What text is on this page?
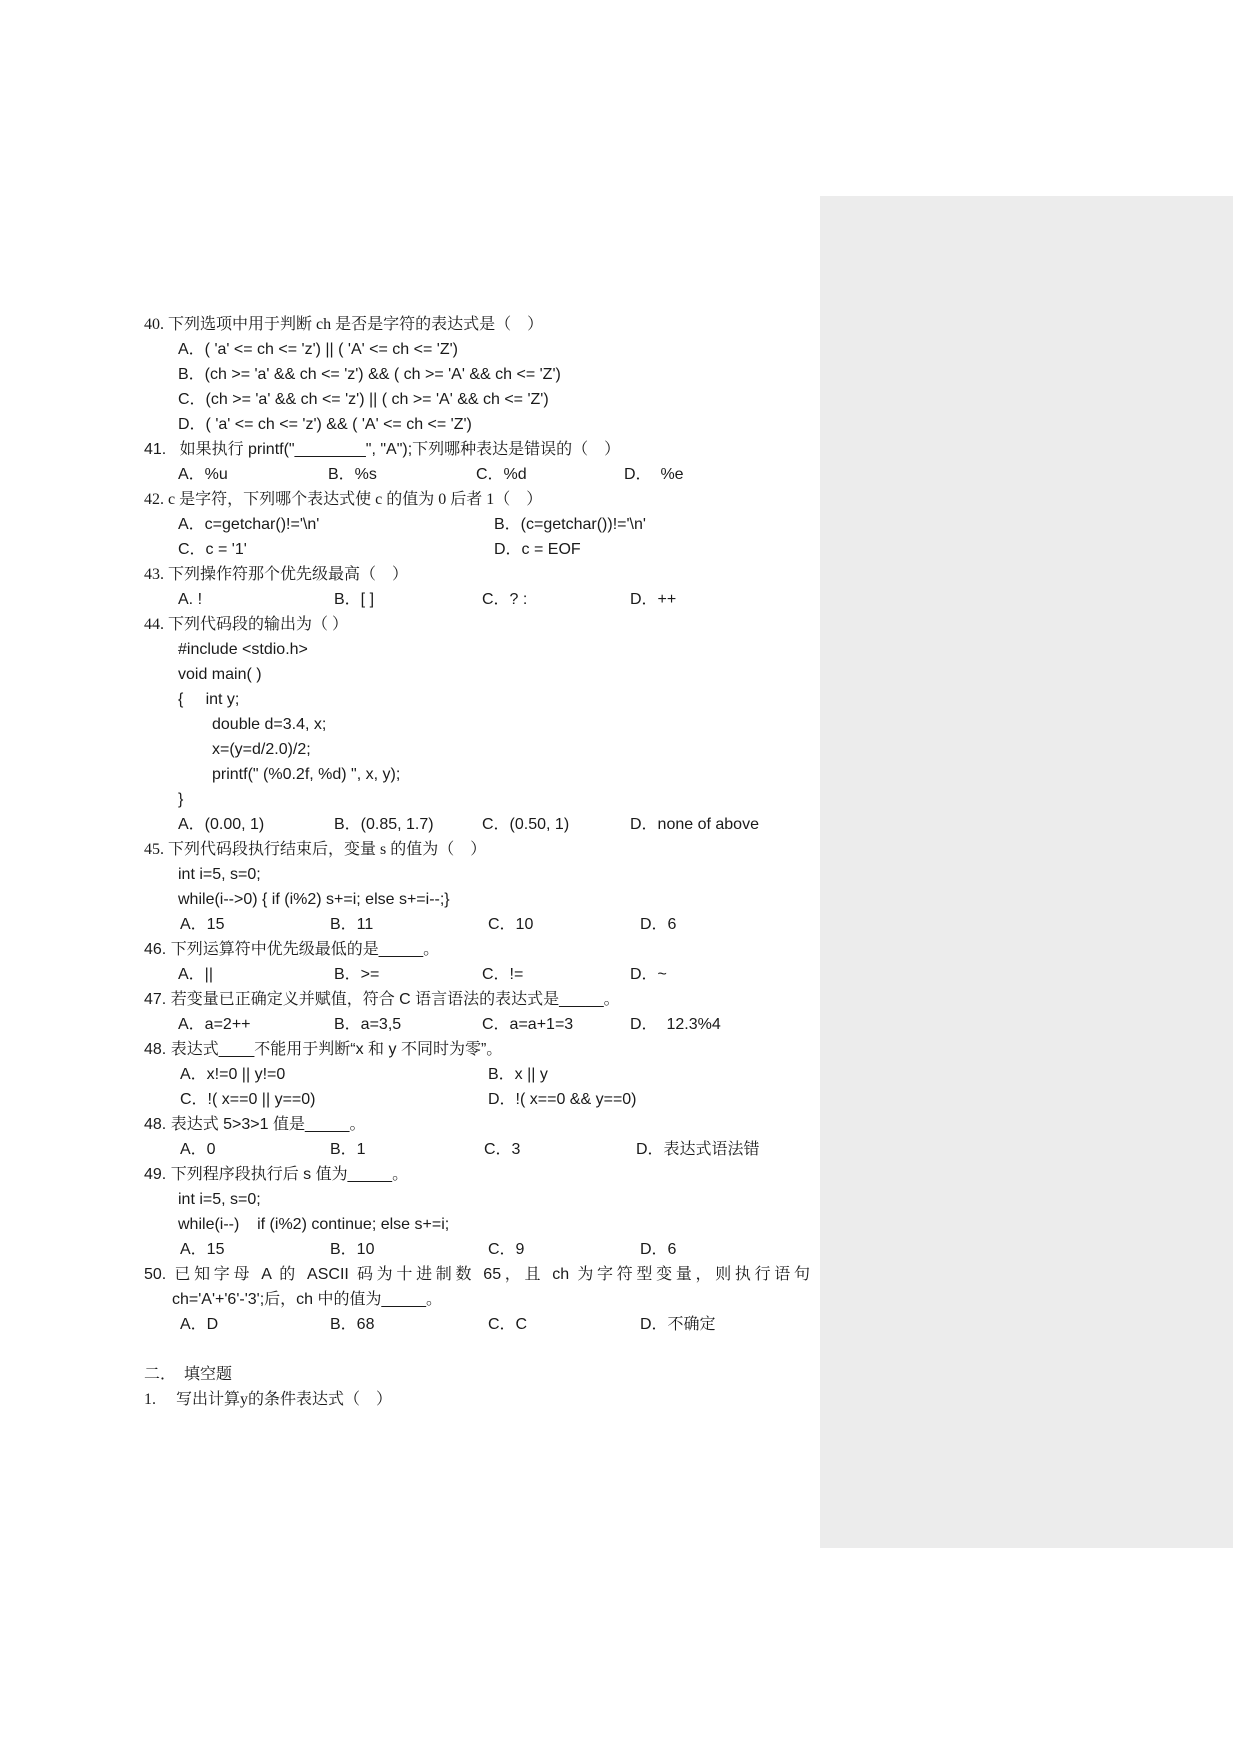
40. 下列选项中用于判断 ch 是否是字符的表达式是（　）
A．( 'a' <= ch <= 'z') || ( 'A' <= ch <= 'Z')
B．(ch >= 'a' && ch <= 'z') && ( ch >= 'A' && ch <= 'Z')
C．(ch >= 'a' && ch <= 'z') || ( ch >= 'A' && ch <= 'Z')
D．( 'a' <= ch <= 'z') && ( 'A' <= ch <= 'Z')
41.   如果执行 printf("________", "A");下列哪种表达是错误的（　）
A．%u	B．%s	C．%d	D．  %e
42. c 是字符，下列哪个表达式使 c 的值为 0 后者 1（　）
A．c=getchar()!='\n'	B．(c=getchar())!='\n'
C．c = '1'	D．c = EOF
43. 下列操作符那个优先级最高（　）
A. !	B．[ ]	C．? :	D．++
44. 下列代码段的输出为（ ）
#include <stdio.h>
void main( )
{     int y;
double d=3.4, x;
x=(y=d/2.0)/2;
printf(" (%0.2f, %d) ", x, y);
}
A．(0.00, 1)	B．(0.85, 1.7)	C．(0.50, 1)	D．none of above
45. 下列代码段执行结束后，变量 s 的值为（　）
int i=5, s=0;
while(i-->0) { if (i%2) s+=i; else s+=i--;}
A．15	B．11	C．10	D．6
46. 下列运算符中优先级最低的是_____。
A．||	B．>=	C．!=	D．~
47. 若变量已正确定义并赋值，符合 C 语言语法的表达式是_____。
A．a=2++	B．a=3,5	C．a=a+1=3	D．  12.3%4
48. 表达式____不能用于判断“x 和 y 不同时为零”。
A．x!=0 || y!=0	B．x || y
C．!( x==0 || y==0)	D．!( x==0 && y==0)
48. 表达式 5>3>1 值是_____。
A．0	B．1	C．3	D．表达式语法错
49. 下列程序段执行后 s 值为_____。
int i=5, s=0;
while(i--)    if (i%2) continue; else s+=i;
A．15	B．10	C．9	D．6
50. 已知字母 A 的 ASCII 码为十进制数 65，且 ch 为字符型变量，则执行语句
ch='A'+'6'-'3';后，ch 中的值为_____。
A．D	B．68	C．C	D．不确定
二．　填空题
1.　 写出计算y的条件表达式（　）
